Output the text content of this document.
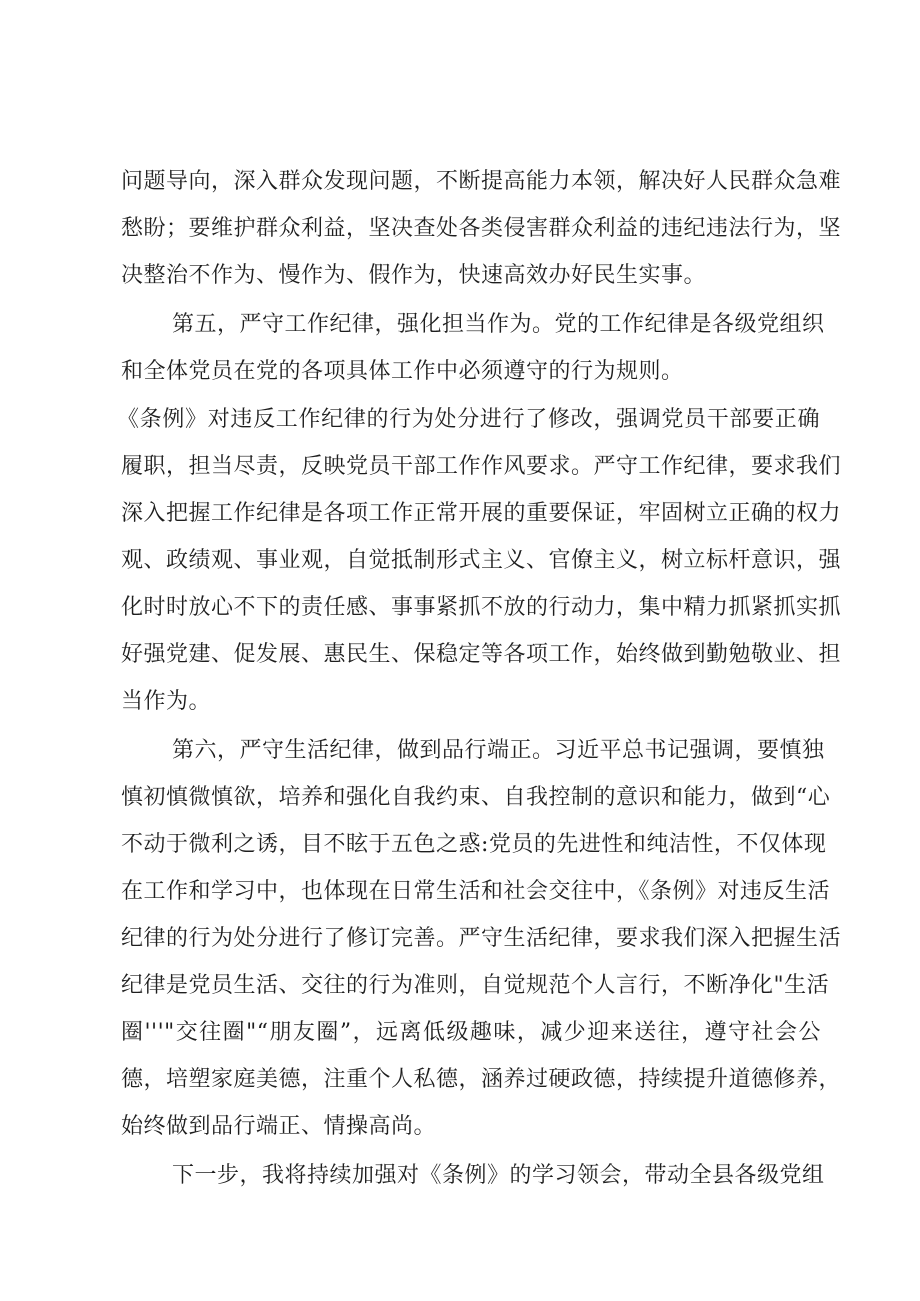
问题导向，深入群众发现问题，不断提高能力本领，解决好人民群众急难
愁盼；要维护群众利益，坚决查处各类侵害群众利益的违纪违法行为，坚
决整治不作为、慢作为、假作为，快速高效办好民生实事。
第五，严守工作纪律，强化担当作为。党的工作纪律是各级党组织
和全体党员在党的各项具体工作中必须遵守的行为规则。
《条例》对违反工作纪律的行为处分进行了修改，强调党员干部要正确
履职，担当尽责，反映党员干部工作作风要求。严守工作纪律，要求我们
深入把握工作纪律是各项工作正常开展的重要保证，牢固树立正确的权力
观、政绩观、事业观，自觉抵制形式主义、官僚主义，树立标杆意识，强
化时时放心不下的责任感、事事紧抓不放的行动力，集中精力抓紧抓实抓
好强党建、促发展、惠民生、保稳定等各项工作，始终做到勤勉敬业、担
当作为。
第六，严守生活纪律，做到品行端正。习近平总书记强调，要慎独
慎初慎微慎欲，培养和强化自我约束、自我控制的意识和能力，做到“心
不动于微利之诱，目不眩于五色之惑:党员的先进性和纯洁性，不仅体现
在工作和学习中，也体现在日常生活和社会交往中，《条例》对违反生活
纪律的行为处分进行了修订完善。严守生活纪律，要求我们深入把握生活
纪律是党员生活、交往的行为准则，自觉规范个人言行，不断净化"生活
圈'''"交往圈"“朋友圈”，远离低级趣味，减少迎来送往，遵守社会公
德，培塑家庭美德，注重个人私德，涵养过硬政德，持续提升道德修养，
始终做到品行端正、情操高尚。
下一步，我将持续加强对《条例》的学习领会，带动全县各级党组
